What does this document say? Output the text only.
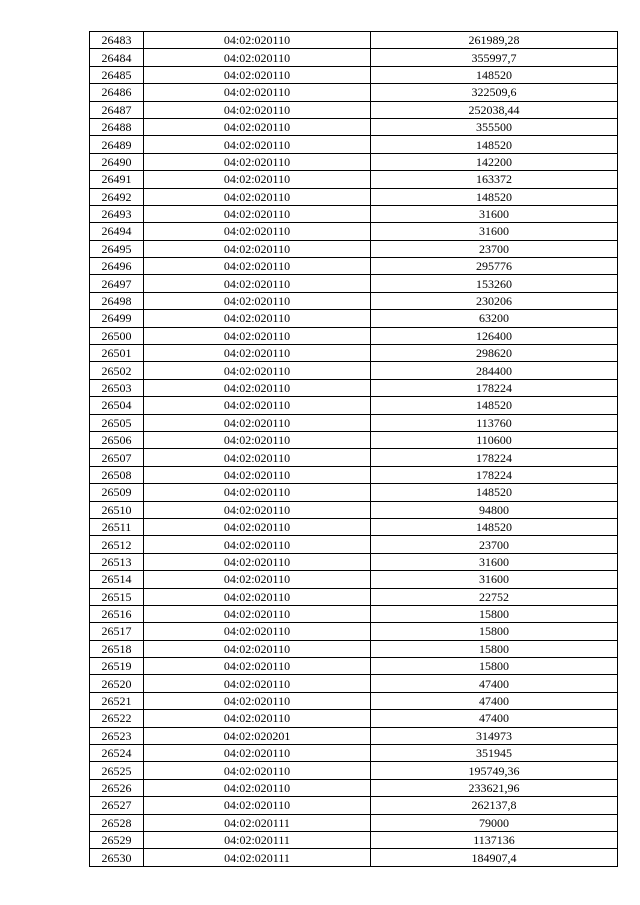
26483	04:02:020110	261989,28
26484	04:02:020110	355997,7
26485	04:02:020110	148520
26486	04:02:020110	322509,6
26487	04:02:020110	252038,44
26488	04:02:020110	355500
26489	04:02:020110	148520
26490	04:02:020110	142200
26491	04:02:020110	163372
26492	04:02:020110	148520
26493	04:02:020110	31600
26494	04:02:020110	31600
26495	04:02:020110	23700
26496	04:02:020110	295776
26497	04:02:020110	153260
26498	04:02:020110	230206
26499	04:02:020110	63200
26500	04:02:020110	126400
26501	04:02:020110	298620
26502	04:02:020110	284400
26503	04:02:020110	178224
26504	04:02:020110	148520
26505	04:02:020110	113760
26506	04:02:020110	110600
26507	04:02:020110	178224
26508	04:02:020110	178224
26509	04:02:020110	148520
26510	04:02:020110	94800
26511	04:02:020110	148520
26512	04:02:020110	23700
26513	04:02:020110	31600
26514	04:02:020110	31600
26515	04:02:020110	22752
26516	04:02:020110	15800
26517	04:02:020110	15800
26518	04:02:020110	15800
26519	04:02:020110	15800
26520	04:02:020110	47400
26521	04:02:020110	47400
26522	04:02:020110	47400
26523	04:02:020201	314973
26524	04:02:020110	351945
26525	04:02:020110	195749,36
26526	04:02:020110	233621,96
26527	04:02:020110	262137,8
26528	04:02:020111	79000
26529	04:02:020111	1137136
26530	04:02:020111	184907,4
